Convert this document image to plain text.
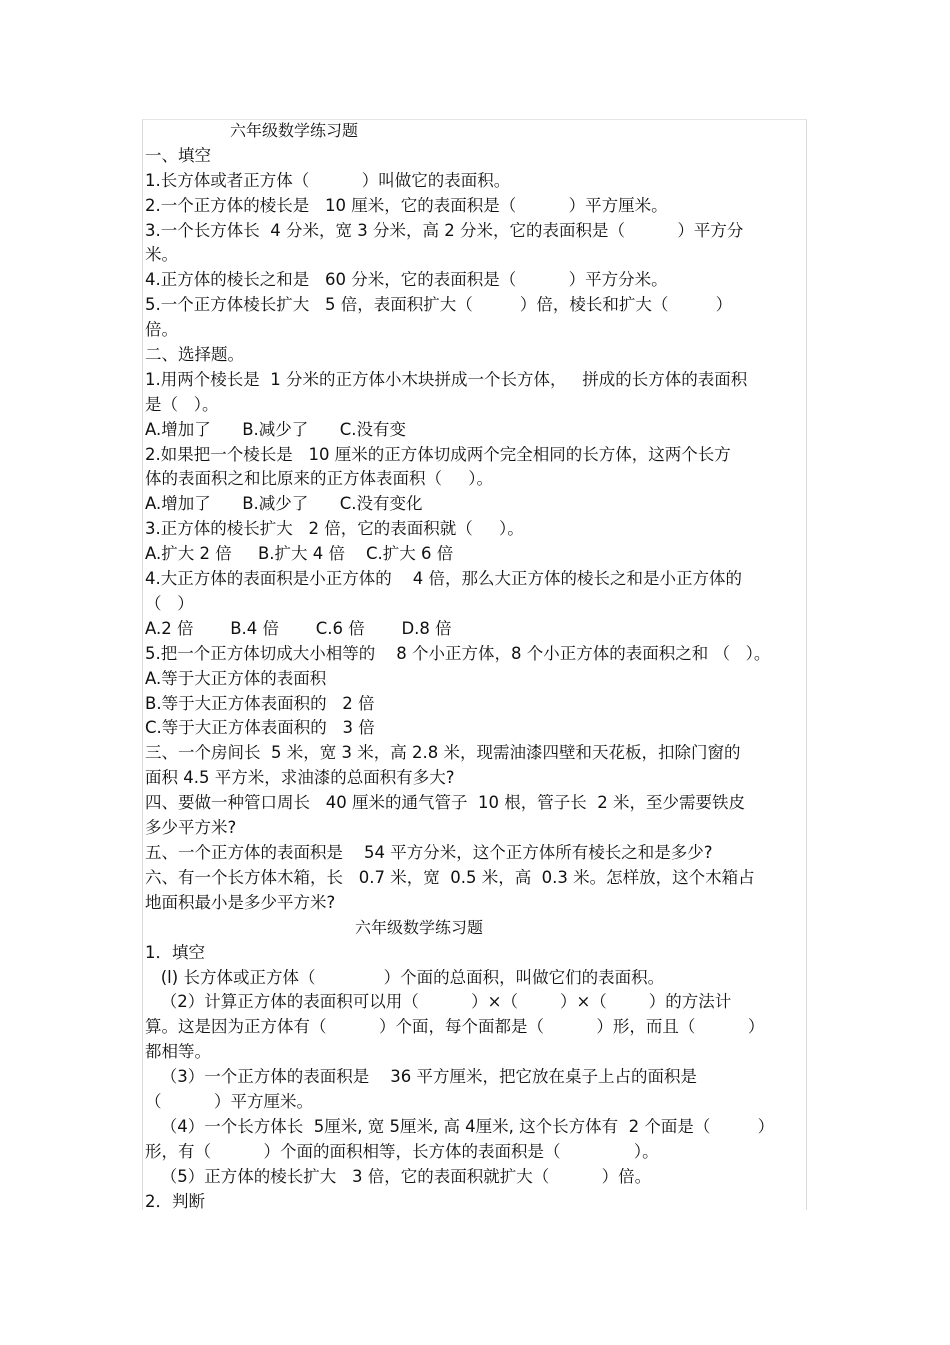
六年级数学练习题
一、填空
1.长方体或者正方体（          ）叫做它的表面积。
2.一个正方体的棱长是   10 厘米，它的表面积是（          ）平方厘米。
3.一个长方体长  4 分米，宽 3 分米，高 2 分米，它的表面积是（          ）平方分
米。
4.正方体的棱长之和是   60 分米，它的表面积是（          ）平方分米。
5.一个正方体棱长扩大   5 倍，表面积扩大（         ）倍，棱长和扩大（         ）
倍。
二、选择题。
1.用两个棱长是  1 分米的正方体小木块拼成一个长方体，   拼成的长方体的表面积
是（   ）。
A.增加了      B.减少了      C.没有变
2.如果把一个棱长是   10 厘米的正方体切成两个完全相同的长方体，这两个长方
体的表面积之和比原来的正方体表面积（     ）。
A.增加了      B.减少了      C.没有变化
3.正方体的棱长扩大   2 倍，它的表面积就（     ）。
A.扩大 2 倍     B.扩大 4 倍    C.扩大 6 倍
4.大正方体的表面积是小正方体的    4 倍，那么大正方体的棱长之和是小正方体的
（   ）
A.2 倍       B.4 倍       C.6 倍       D.8 倍
5.把一个正方体切成大小相等的    8 个小正方体，8 个小正方体的表面积之和 （   ）。
A.等于大正方体的表面积
B.等于大正方体表面积的   2 倍
C.等于大正方体表面积的   3 倍
三、一个房间长  5 米，宽 3 米，高 2.8 米，现需油漆四壁和天花板，扣除门窗的
面积 4.5 平方米，求油漆的总面积有多大?
四、要做一种管口周长   40 厘米的通气管子  10 根，管子长  2 米，至少需要铁皮
多少平方米?
五、一个正方体的表面积是    54 平方分米，这个正方体所有棱长之和是多少?
六、有一个长方体木箱，长   0.7 米，宽  0.5 米，高  0.3 米。怎样放，这个木箱占
地面积最小是多少平方米?
六年级数学练习题
1．填空
(l) 长方体或正方体（             ）个面的总面积，叫做它们的表面积。
（2）计算正方体的表面积可以用（          ）×（        ）×（        ）的方法计
算。这是因为正方体有（          ）个面，每个面都是（          ）形，而且（          ）
都相等。
（3）一个正方体的表面积是    36 平方厘米，把它放在桌子上占的面积是
（          ）平方厘米。
（4）一个长方体长  5厘米, 宽 5厘米, 高 4厘米, 这个长方体有  2 个面是（         ）
形，有（          ）个面的面积相等，长方体的表面积是（              ）。
（5）正方体的棱长扩大   3 倍，它的表面积就扩大（          ）倍。
2．判断
